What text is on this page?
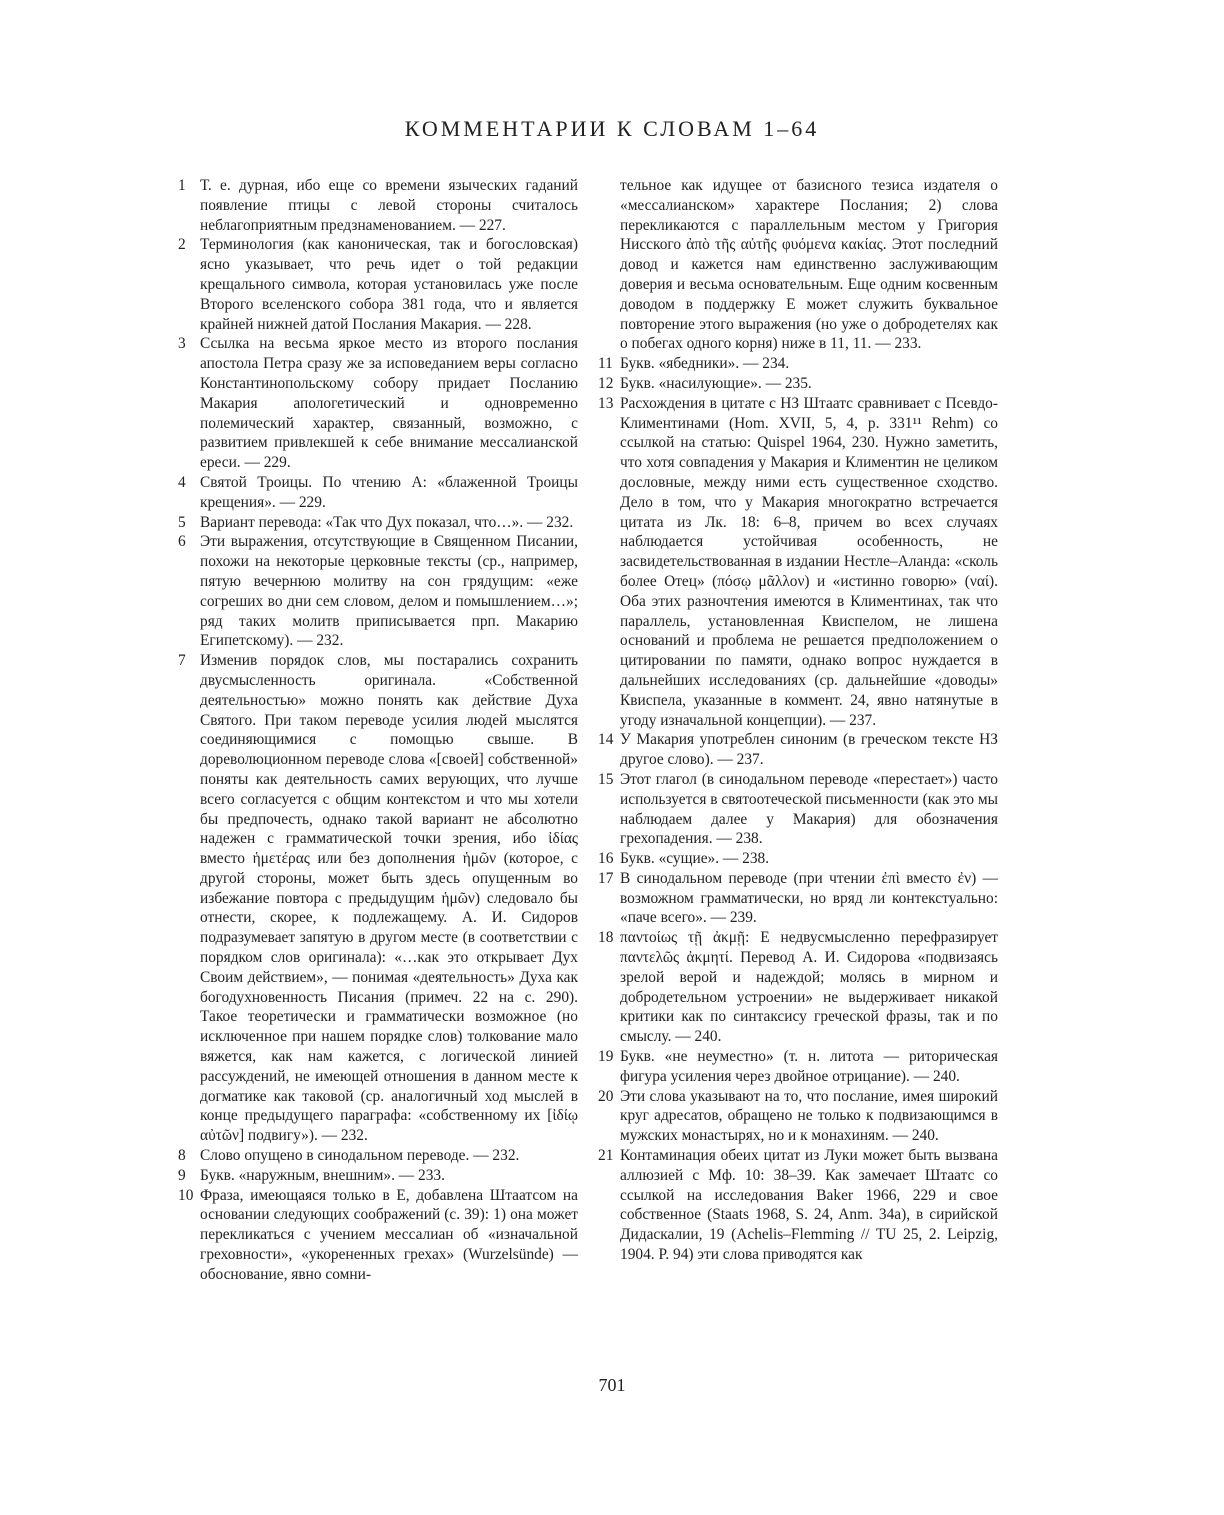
КОММЕНТАРИИ К СЛОВАМ 1–64

1 Т. е. дурная, ибо еще со времени языческих гаданий появление птицы с левой стороны считалось неблагоприятным предзнаменованием. — 227.

2 Терминология (как каноническая, так и богословская) ясно указывает, что речь идет о той редакции крещального символа, которая установилась уже после Второго вселенского собора 381 года, что и является крайней нижней датой Послания Макария. — 228.

3 Ссылка на весьма яркое место из второго послания апостола Петра сразу же за исповеданием веры согласно Константинопольскому собору придает Посланию Макария апологетический и одновременно полемический характер, связанный, возможно, с развитием привлекшей к себе внимание мессалианской ереси. — 229.

4 Святой Троицы. По чтению А: «блаженной Троицы крещения». — 229.

5 Вариант перевода: «Так что Дух показал, что…». — 232.

6 Эти выражения, отсутствующие в Священном Писании, похожи на некоторые церковные тексты (ср., например, пятую вечернюю молитву на сон грядущим: «еже согреших во дни сем словом, делом и помышлением…»; ряд таких молитв приписывается прп. Макарию Египетскому). — 232.

7 Изменив порядок слов, мы постарались сохранить двусмысленность оригинала. «Собственной деятельностью» можно понять как действие Духа Святого. При таком переводе усилия людей мыслятся соединяющимися с помощью свыше. В дореволюционном переводе слова «[своей] собственной» поняты как деятельность самих верующих, что лучше всего согласуется с общим контекстом и что мы хотели бы предпочесть, однако такой вариант не абсолютно надежен с грамматической точки зрения, ибо ἰδίας вместо ἡμετέρας или без дополнения ἡμῶν (которое, с другой стороны, может быть здесь опущенным во избежание повтора с предыдущим ἡμῶν) следовало бы отнести, скорее, к подлежащему. А. И. Сидоров подразумевает запятую в другом месте (в соответствии с порядком слов оригинала): «…как это открывает Дух Своим действием», — понимая «деятельность» Духа как богодухновенность Писания (примеч. 22 на с. 290). Такое теоретически и грамматически возможное (но исключенное при нашем порядке слов) толкование мало вяжется, как нам кажется, с логической линией рассуждений, не имеющей отношения в данном месте к догматике как таковой (ср. аналогичный ход мыслей в конце предыдущего параграфа: «собственному их [ἰδίῳ αὐτῶν] подвигу»). — 232.

8 Слово опущено в синодальном переводе. — 232.

9 Букв. «наружным, внешним». — 233.

10 Фраза, имеющаяся только в Е, добавлена Штаатсом на основании следующих соображений (с. 39): 1) она может перекликаться с учением мессалиан об «изначальной греховности», «укорененных грехах» (Wurzelsünde) — обоснование, явно сомни-

тельное как идущее от базисного тезиса издателя о «мессалианском» характере Послания; 2) слова перекликаются с параллельным местом у Григория Нисского ἀπὸ τῆς αὐτῆς φυόμενα κακίας. Этот последний довод и кажется нам единственно заслуживающим доверия и весьма основательным. Еще одним косвенным доводом в поддержку Е может служить буквальное повторение этого выражения (но уже о добродетелях как о побегах одного корня) ниже в 11, 11. — 233.

11 Букв. «ябедники». — 234.

12 Букв. «насилующие». — 235.

13 Расхождения в цитате с НЗ Штаатс сравнивает с Псевдо-Климентинами (Hom. XVII, 5, 4, p. 331¹¹ Rehm) со ссылкой на статью: Quispel 1964, 230. Нужно заметить, что хотя совпадения у Макария и Климентин не целиком дословные, между ними есть существенное сходство. Дело в том, что у Макария многократно встречается цитата из Лк. 18: 6–8, причем во всех случаях наблюдается устойчивая особенность, не засвидетельствованная в издании Нестле–Аланда: «сколь более Отец» (πόσῳ μᾶλλον) и «истинно говорю» (ναί). Оба этих разночтения имеются в Климентинах, так что параллель, установленная Квиспелом, не лишена оснований и проблема не решается предположением о цитировании по памяти, однако вопрос нуждается в дальнейших исследованиях (ср. дальнейшие «доводы» Квиспела, указанные в коммент. 24, явно натянутые в угоду изначальной концепции). — 237.

14 У Макария употреблен синоним (в греческом тексте НЗ другое слово). — 237.

15 Этот глагол (в синодальном переводе «перестает») часто используется в святоотеческой письменности (как это мы наблюдаем далее у Макария) для обозначения грехопадения. — 238.

16 Букв. «сущие». — 238.

17 В синодальном переводе (при чтении ἐπὶ вместо ἐν) — возможном грамматически, но вряд ли контекстуально: «паче всего». — 239.

18 παντοίως τῇ ἀκμῇ: Е недвусмысленно перефразирует παντελῶς ἀκμητί. Перевод А. И. Сидорова «подвизаясь зрелой верой и надеждой; молясь в мирном и добродетельном устроении» не выдерживает никакой критики как по синтаксису греческой фразы, так и по смыслу. — 240.

19 Букв. «не неуместно» (т. н. литота — риторическая фигура усиления через двойное отрицание). — 240.

20 Эти слова указывают на то, что послание, имея широкий круг адресатов, обращено не только к подвизающимся в мужских монастырях, но и к монахиням. — 240.

21 Контаминация обеих цитат из Луки может быть вызвана аллюзией с Мф. 10: 38–39. Как замечает Штаатс со ссылкой на исследования Baker 1966, 229 и свое собственное (Staats 1968, S. 24, Anm. 34a), в сирийской Дидаскалии, 19 (Achelis–Flemming // TU 25, 2. Leipzig, 1904. P. 94) эти слова приводятся как

701
